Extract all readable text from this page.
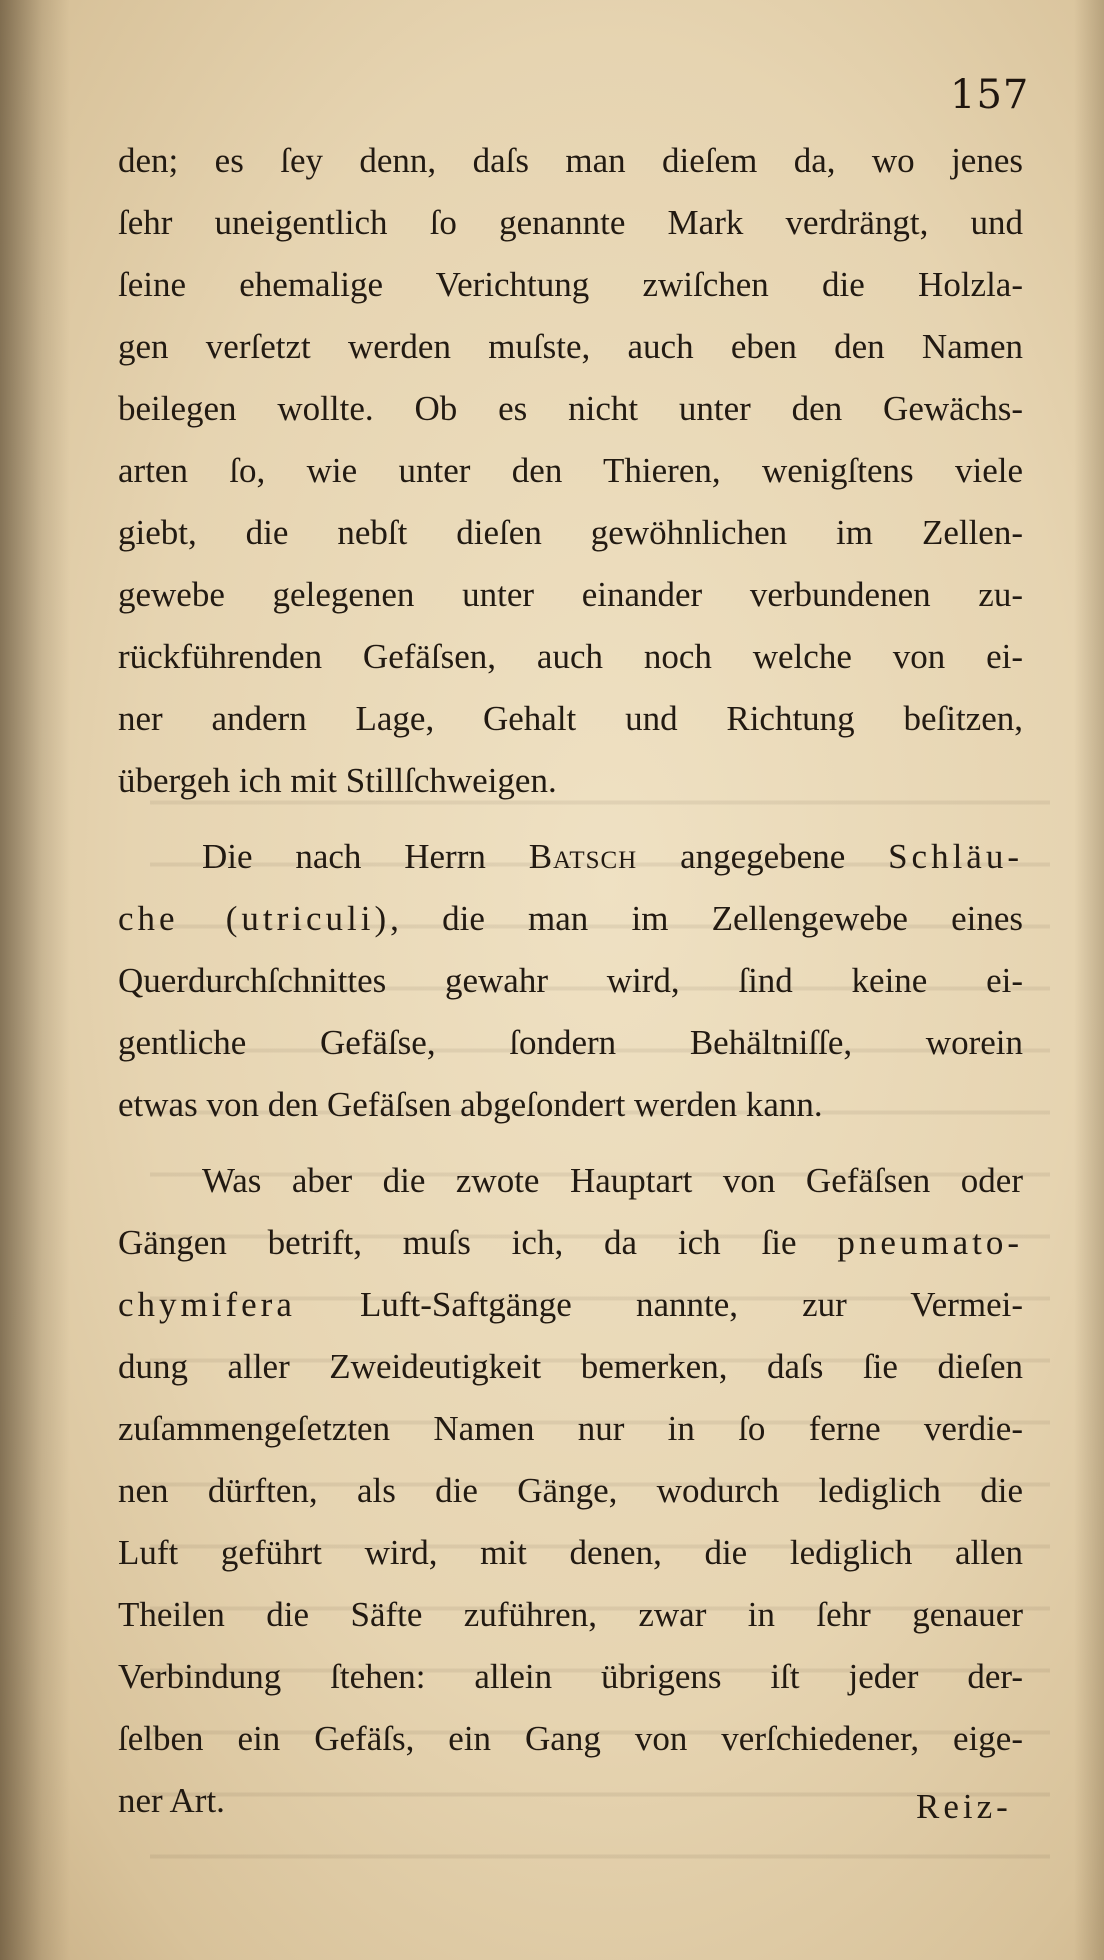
157
den; es ſey denn, daſs man dieſem da, wo jenes
ſehr uneigentlich ſo genannte Mark verdrängt, und
ſeine ehemalige Verichtung zwiſchen die Holzla-
gen verſetzt werden muſste, auch eben den Namen
beilegen wollte. Ob es nicht unter den Gewächs-
arten ſo, wie unter den Thieren, wenigſtens viele
giebt, die nebſt dieſen gewöhnlichen im Zellen-
gewebe gelegenen unter einander verbundenen zu-
rückführenden Gefäſsen, auch noch welche von ei-
ner andern Lage, Gehalt und Richtung beſitzen,
übergeh ich mit Stillſchweigen.
Die nach Herrn Batsch angegebene Schläu-
che (utriculi), die man im Zellengewebe eines
Querdurchſchnittes gewahr wird, ſind keine ei-
gentliche Gefäſse, ſondern Behältniſſe, worein
etwas von den Gefäſsen abgeſondert werden kann.
Was aber die zwote Hauptart von Gefäſsen oder
Gängen betrift, muſs ich, da ich ſie pneumato-
chymifera Luft-Saftgänge nannte, zur Vermei-
dung aller Zweideutigkeit bemerken, daſs ſie dieſen
zuſammengeſetzten Namen nur in ſo ferne verdie-
nen dürften, als die Gänge, wodurch lediglich die
Luft geführt wird, mit denen, die lediglich allen
Theilen die Säfte zuführen, zwar in ſehr genauer
Verbindung ſtehen: allein übrigens iſt jeder der-
ſelben ein Gefäſs, ein Gang von verſchiedener, eige-
ner Art.	Reiz-
